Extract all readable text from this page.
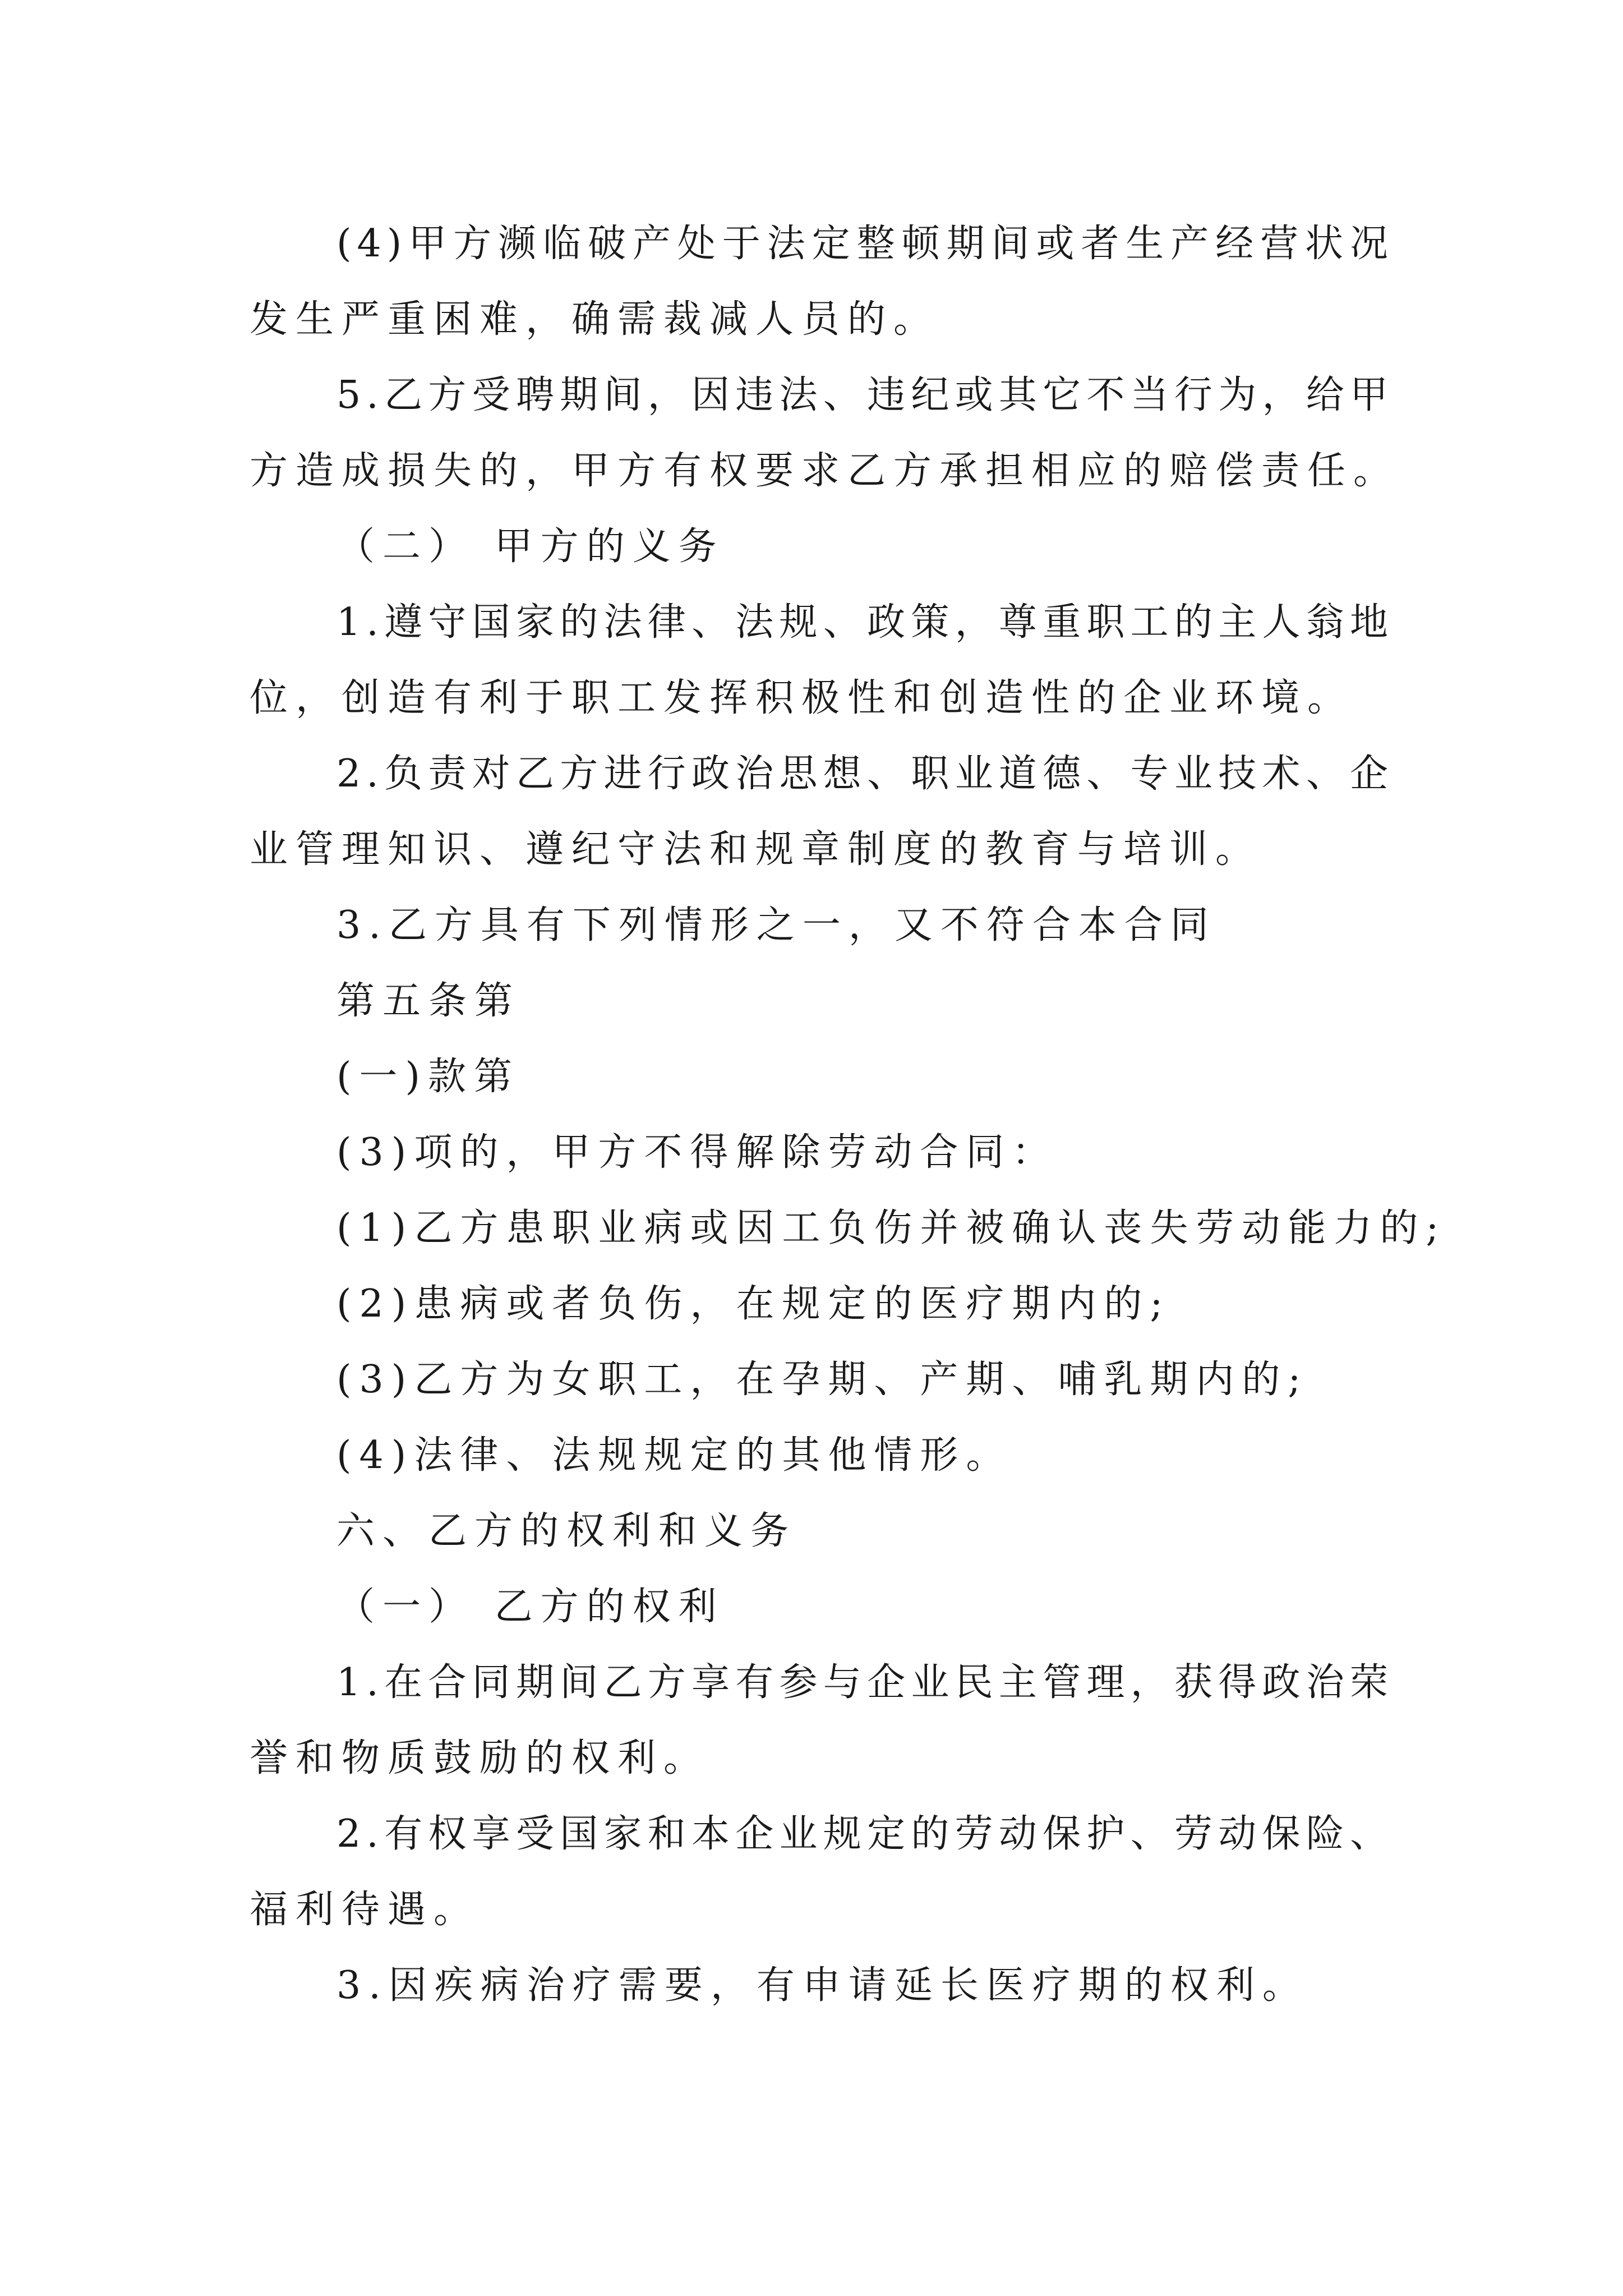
(4)甲方濒临破产处于法定整顿期间或者生产经营状况
发生严重困难，确需裁减人员的。
5.乙方受聘期间，因违法、违纪或其它不当行为，给甲
方造成损失的，甲方有权要求乙方承担相应的赔偿责任。
（二） 甲方的义务
1.遵守国家的法律、法规、政策，尊重职工的主人翁地
位，创造有利于职工发挥积极性和创造性的企业环境。
2.负责对乙方进行政治思想、职业道德、专业技术、企
业管理知识、遵纪守法和规章制度的教育与培训。
3.乙方具有下列情形之一，又不符合本合同
第五条第
(一)款第
(3)项的，甲方不得解除劳动合同：
(1)乙方患职业病或因工负伤并被确认丧失劳动能力的;
(2)患病或者负伤，在规定的医疗期内的;
(3)乙方为女职工，在孕期、产期、哺乳期内的;
(4)法律、法规规定的其他情形。
六、乙方的权利和义务
（一） 乙方的权利
1.在合同期间乙方享有参与企业民主管理，获得政治荣
誉和物质鼓励的权利。
2.有权享受国家和本企业规定的劳动保护、劳动保险、
福利待遇。
3.因疾病治疗需要，有申请延长医疗期的权利。
